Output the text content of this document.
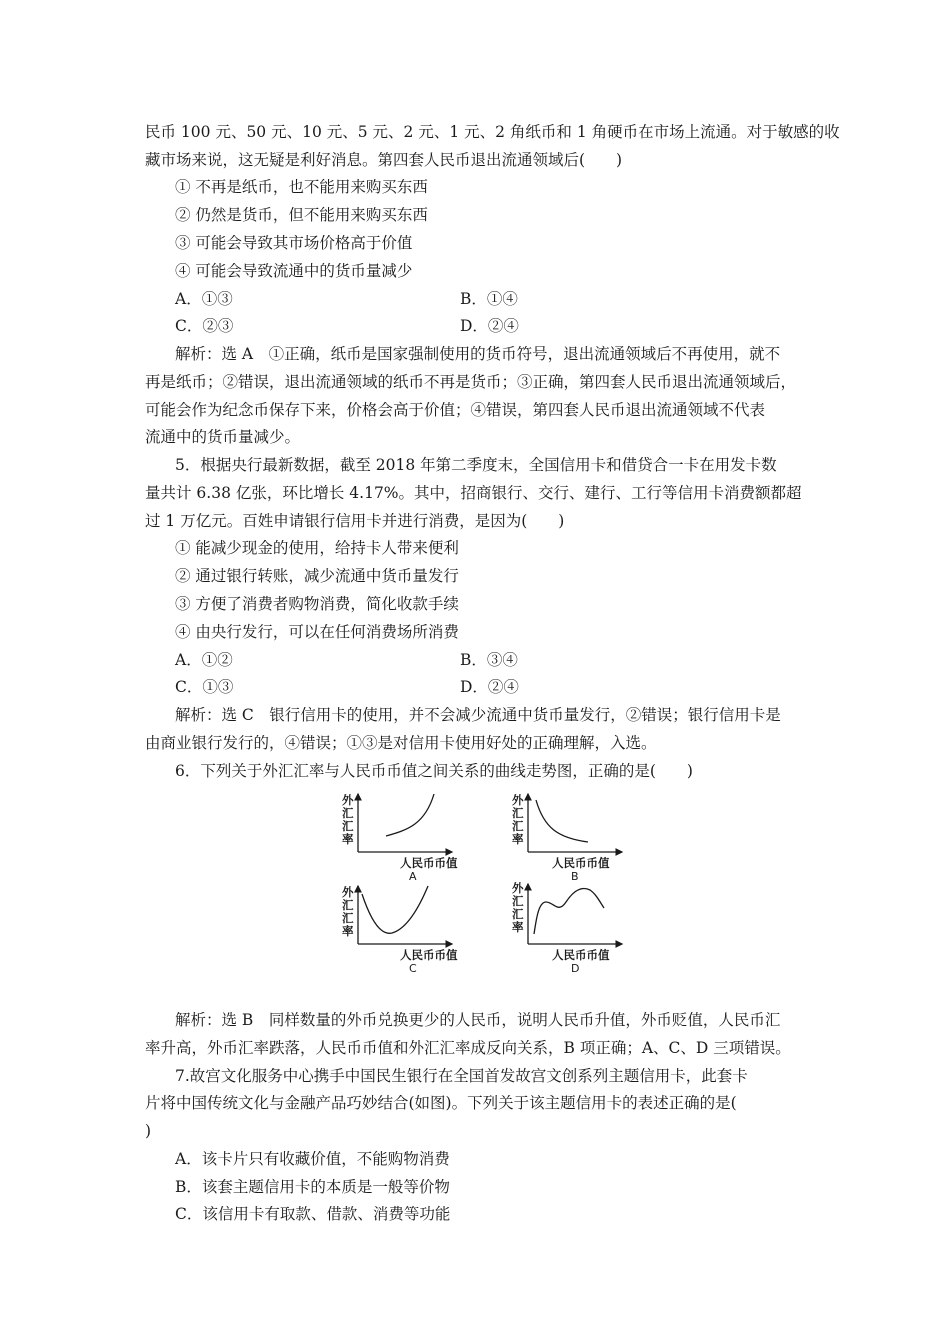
民币 100 元、50 元、10 元、5 元、2 元、1 元、2 角纸币和 1 角硬币在市场上流通。对于敏感的收
藏市场来说，这无疑是利好消息。第四套人民币退出流通领域后(　　)
① 不再是纸币，也不能用来购买东西
② 仍然是货币，但不能用来购买东西
③ 可能会导致其市场价格高于价值
④ 可能会导致流通中的货币量减少
A．①③	B．①④
C．②③	D．②④
解析：选 A　①正确，纸币是国家强制使用的货币符号，退出流通领域后不再使用，就不
再是纸币；②错误，退出流通领域的纸币不再是货币；③正确，第四套人民币退出流通领域后，
可能会作为纪念币保存下来，价格会高于价值；④错误，第四套人民币退出流通领域不代表
流通中的货币量减少。
5．根据央行最新数据，截至 2018 年第二季度末，全国信用卡和借贷合一卡在用发卡数
量共计 6.38 亿张，环比增长 4.17%。其中，招商银行、交行、建行、工行等信用卡消费额都超
过 1 万亿元。百姓申请银行信用卡并进行消费，是因为(　　)
① 能减少现金的使用，给持卡人带来便利
② 通过银行转账，减少流通中货币量发行
③ 方便了消费者购物消费，简化收款手续
④ 由央行发行，可以在任何消费场所消费
A．①②	B．③④
C．①③	D．②④
解析：选 C　银行信用卡的使用，并不会减少流通中货币量发行，②错误；银行信用卡是
由商业银行发行的，④错误；①③是对信用卡使用好处的正确理解，入选。
6．下列关于外汇汇率与人民币币值之间关系的曲线走势图，正确的是(　　)
外
汇
汇
率
人民币币值
A
外
汇
汇
率
人民币币值
B
外
汇
汇
率
人民币币值
C
外
汇
汇
率
人民币币值
D
解析：选 B　同样数量的外币兑换更少的人民币，说明人民币升值，外币贬值，人民币汇
率升高，外币汇率跌落，人民币币值和外汇汇率成反向关系，B 项正确；A、C、D 三项错误。
7.故宫文化服务中心携手中国民生银行在全国首发故宫文创系列主题信用卡，此套卡
片将中国传统文化与金融产品巧妙结合(如图)。下列关于该主题信用卡的表述正确的是(
)
A．该卡片只有收藏价值，不能购物消费
B．该套主题信用卡的本质是一般等价物
C．该信用卡有取款、借款、消费等功能
